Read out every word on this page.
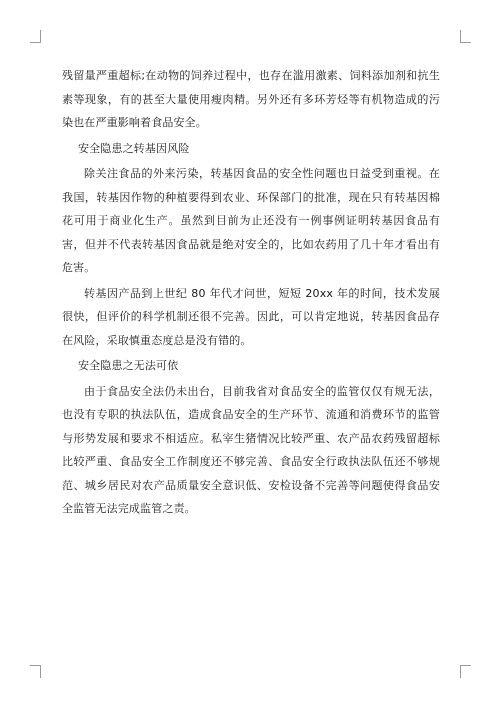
残留量严重超标;在动物的饲养过程中，也存在滥用激素、饲料添加剂和抗生素等现象，有的甚至大量使用瘦肉精。另外还有多环芳烃等有机物造成的污染也在严重影响着食品安全。

安全隐患之转基因风险

除关注食品的外来污染，转基因食品的安全性问题也日益受到重视。在我国，转基因作物的种植要得到农业、环保部门的批准，现在只有转基因棉花可用于商业化生产。虽然到目前为止还没有一例事例证明转基因食品有害，但并不代表转基因食品就是绝对安全的，比如农药用了几十年才看出有危害。

转基因产品到上世纪 80 年代才问世，短短 20xx 年的时间，技术发展很快，但评价的科学机制还很不完善。因此，可以肯定地说，转基因食品存在风险，采取慎重态度总是没有错的。

安全隐患之无法可依

由于食品安全法仍未出台，目前我省对食品安全的监管仅仅有规无法，也没有专职的执法队伍，造成食品安全的生产环节、流通和消费环节的监管与形势发展和要求不相适应。私宰生猪情况比较严重、农产品农药残留超标比较严重、食品安全工作制度还不够完善、食品安全行政执法队伍还不够规范、城乡居民对农产品质量安全意识低、安检设备不完善等问题使得食品安全监管无法完成监管之责。
